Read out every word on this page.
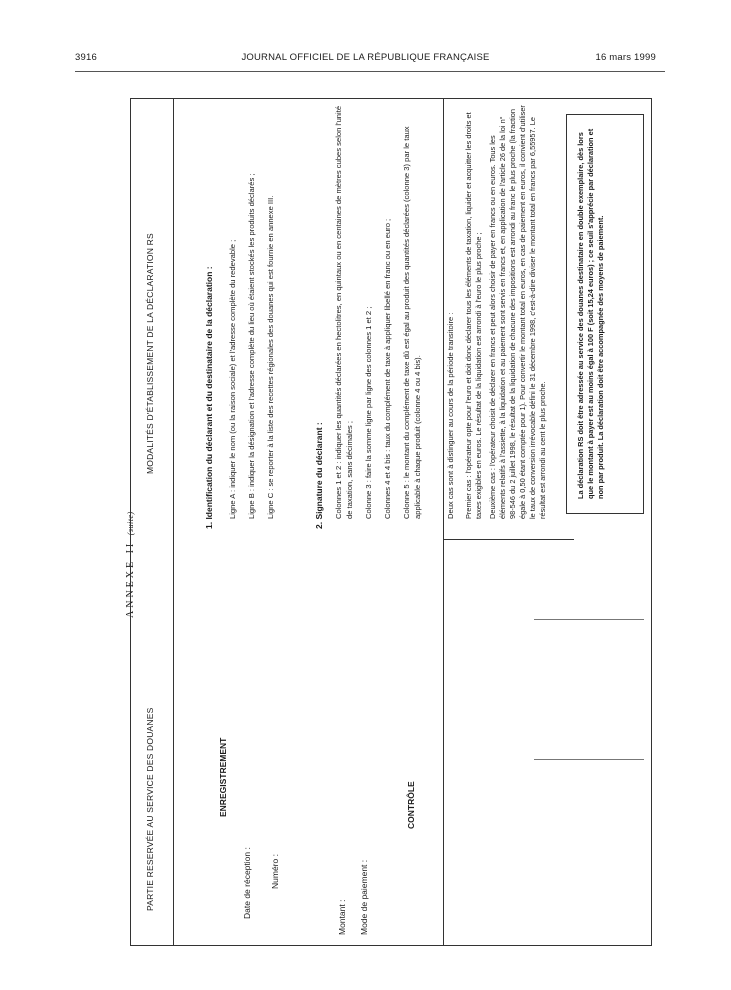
3916	JOURNAL OFFICIEL DE LA RÉPUBLIQUE FRANÇAISE	16 mars 1999
ANNEXE II (suite)
PARTIE RESERVÉE AU SERVICE DES DOUANES
MODALITÉS D'ÉTABLISSEMENT DE LA DÉCLARATION RS
ENREGISTREMENT
Date de réception : Numéro :
Montant : Mode de paiement :
CONTRÔLE
1. Identification du déclarant et du destinataire de la déclaration : Ligne A : indiquer le nom (ou la raison sociale) et l'adresse complète du redevable ; Ligne B : indiquer la désignation et l'adresse complète du lieu où étaient stockés les produits déclarés ; Ligne C : se reporter à la liste des recettes régionales des douanes qui est fournie en annexe III.	2. Signature du déclarant : Colonnes 1 et 2 : indiquer les quantités déclarées en hectolitres, en quintaux ou en centaines de mètres cubes selon l'unité de taxation, sans décimales ; Colonne 3 : faire la somme ligne par ligne des colonnes 1 et 2 ; Colonnes 4 et 4 bis : taux du complément de taxe à appliquer libellé en franc ou en euro ; Colonne 5 : le montant du complément de taxe dû est égal au produit des quantités déclarées (colonne 3) par le taux applicable à chaque produit (colonne 4 ou 4 bis).	Deux cas sont à distinguer au cours de la période transitoire : Premier cas : l'opérateur opte pour l'euro et doit donc déclarer tous les éléments de taxation, liquider et acquitter les droits et taxes exigibles en euros. Le résultat de la liquidation est arrondi à l'euro le plus proche ; Deuxième cas : l'opérateur choisit de déclarer en francs et peut alors choisir de payer en francs ou en euros. Tous les éléments relatifs à l'assiette, à la liquidation et au paiement sont servis en francs et, en application de l'article 26 de la loi n° 98-546 du 2 juillet 1998, le résultat de la liquidation de chacune des impositions est arrondi au franc le plus proche (la fraction égale à 0,50 étant comptée pour 1). Pour convertir le montant total en euros, en cas de paiement en euros, il convient d'utiliser le taux de conversion irrévocable défini le 31 décembre 1998, c'est-à-dire diviser le montant total en francs par 6,55957. Le résultat est arrondi au cent le plus proche.	La déclaration RS doit être adressée au service des douanes destinataire en double exemplaire, dès lors que le montant à payer est au moins égal à 100 F (soit 15,24 euros) ; ce seuil s'apprécie par déclaration et non par produit. La déclaration doit être accompagnée des moyens de paiement.
